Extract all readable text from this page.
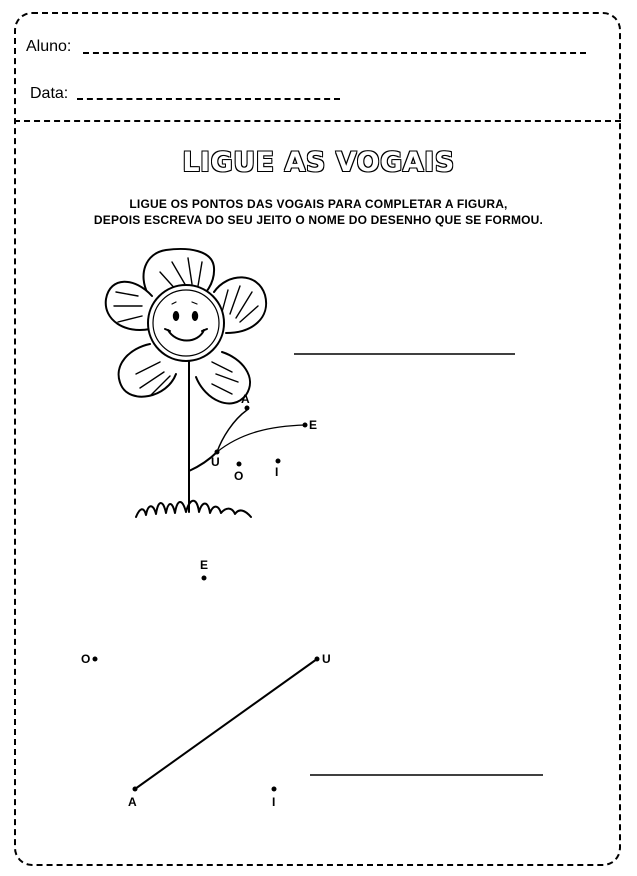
Aluno:
Data:
LIGUE AS VOGAIS
LIGUE OS PONTOS DAS VOGAIS PARA COMPLETAR A FIGURA,
DEPOIS ESCREVA DO SEU JEITO O NOME DO DESENHO QUE SE FORMOU.
A
E
U
O	I
E
O	U
A	I
